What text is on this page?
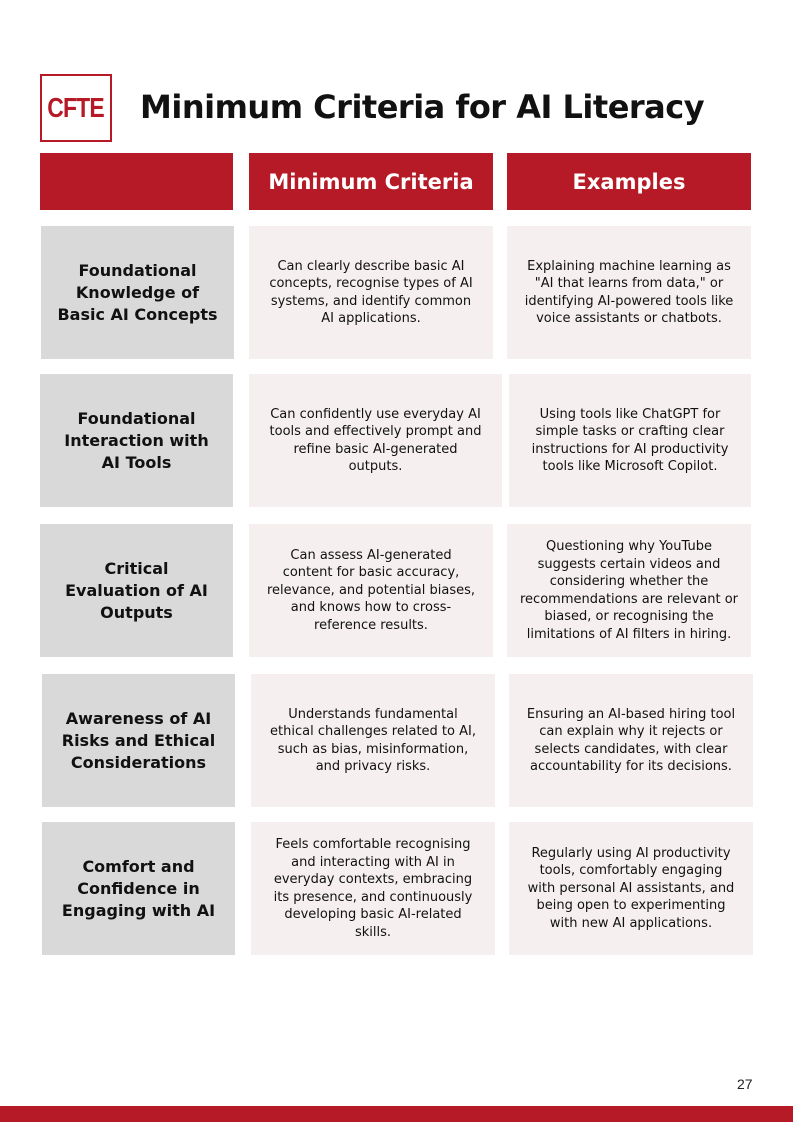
CFTE Minimum Criteria for AI Literacy
Minimum Criteria	Examples
Foundational Knowledge of Basic AI Concepts
Can clearly describe basic AI concepts, recognise types of AI systems, and identify common AI applications.
Explaining machine learning as "AI that learns from data," or identifying AI-powered tools like voice assistants or chatbots.
Foundational Interaction with AI Tools
Can confidently use everyday AI tools and effectively prompt and refine basic AI-generated outputs.
Using tools like ChatGPT for simple tasks or crafting clear instructions for AI productivity tools like Microsoft Copilot.
Critical Evaluation of AI Outputs
Can assess AI-generated content for basic accuracy, relevance, and potential biases, and knows how to cross-reference results.
Questioning why YouTube suggests certain videos and considering whether the recommendations are relevant or biased, or recognising the limitations of AI filters in hiring.
Awareness of AI Risks and Ethical Considerations
Understands fundamental ethical challenges related to AI, such as bias, misinformation, and privacy risks.
Ensuring an AI-based hiring tool can explain why it rejects or selects candidates, with clear accountability for its decisions.
Comfort and Confidence in Engaging with AI
Feels comfortable recognising and interacting with AI in everyday contexts, embracing its presence, and continuously developing basic AI-related skills.
Regularly using AI productivity tools, comfortably engaging with personal AI assistants, and being open to experimenting with new AI applications.
27
